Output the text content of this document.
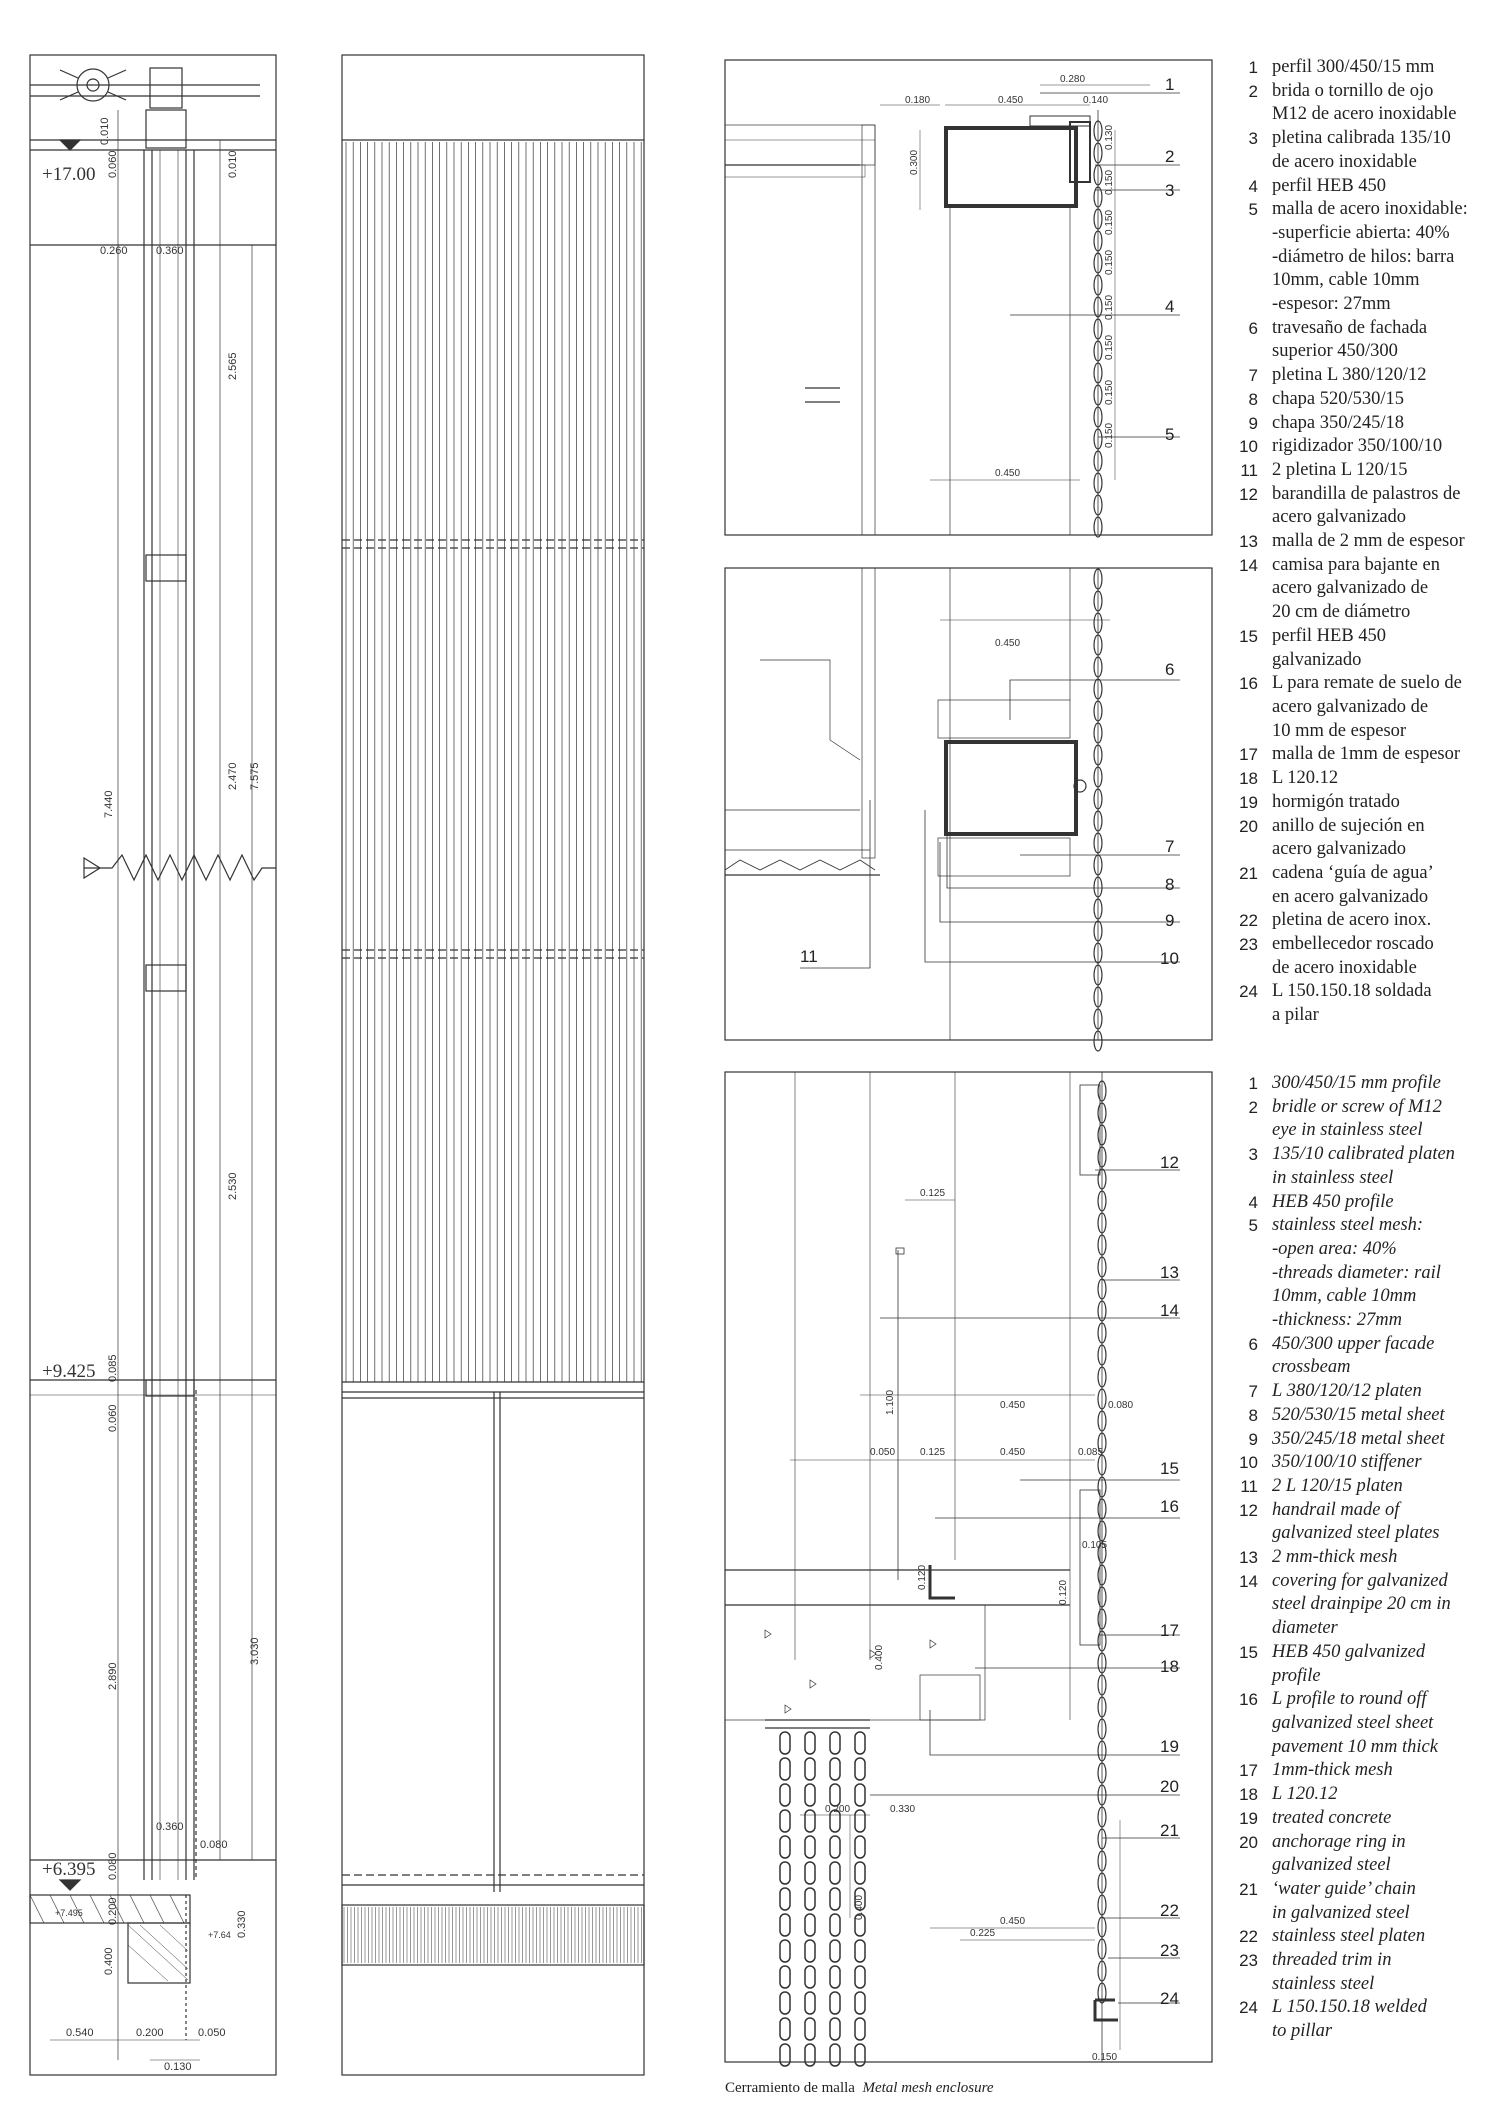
+17.00
+9.425
+6.395
0.010
0.060	0.010
0.260	0.360
2.565
7.440
2.470 7.575
2.530
0.085
0.060
2.890
3.030
0.360
0.080
0.080
0.200
0.400
0.330
0.540	0.200	0.050
0.130
+7.495
+7.64
1
2
3
4
5
6
7
8
9
10
11
12
13
14
15
16
17
18
19
20
21
22
23
24
0.280
0.180	0.450	0.140
0.300
0.130
0.150
0.150
0.150
0.150
0.150
0.150
0.150
0.450
0.450
0.125
1.100	0.450	0.080
0.050 0.125	0.450	0.085
0.120
0.400
0.105
0.120
0.200	0.330
0.450
0.225
0.400
0.150
1 perfil 300/450/15 mm
2 brida o tornillo de ojo
M12 de acero inoxidable
3 pletina calibrada 135/10
de acero inoxidable
4 perfil HEB 450
5 malla de acero inoxidable:
-superficie abierta: 40%
-diámetro de hilos: barra
10mm, cable 10mm
-espesor: 27mm
6 travesaño de fachada
superior 450/300
7 pletina L 380/120/12
8 chapa 520/530/15
9 chapa 350/245/18
10 rigidizador 350/100/10
11 2 pletina L 120/15
12 barandilla de palastros de
acero galvanizado
13 malla de 2 mm de espesor
14 camisa para bajante en
acero galvanizado de
20 cm de diámetro
15 perfil HEB 450
galvanizado
16 L para remate de suelo de
acero galvanizado de
10 mm de espesor
17 malla de 1mm de espesor
18 L 120.12
19 hormigón tratado
20 anillo de sujeción en
acero galvanizado
21 cadena ‘guía de agua’
en acero galvanizado
22 pletina de acero inox.
23 embellecedor roscado
de acero inoxidable
24 L 150.150.18 soldada
a pilar
1 300/450/15 mm profile
2 bridle or screw of M12
eye in stainless steel
3 135/10 calibrated platen
in stainless steel
4 HEB 450 profile
5 stainless steel mesh:
-open area: 40%
-threads diameter: rail
10mm, cable 10mm
-thickness: 27mm
6 450/300 upper facade
crossbeam
7 L 380/120/12 platen
8 520/530/15 metal sheet
9 350/245/18 metal sheet
10 350/100/10 stiffener
11 2 L 120/15 platen
12 handrail made of
galvanized steel plates
13 2 mm-thick mesh
14 covering for galvanized
steel drainpipe 20 cm in
diameter
15 HEB 450 galvanized
profile
16 L profile to round off
galvanized steel sheet
pavement 10 mm thick
17 1mm-thick mesh
18 L 120.12
19 treated concrete
20 anchorage ring in
galvanized steel
21 ‘water guide’ chain
in galvanized steel
22 stainless steel platen
23 threaded trim in
stainless steel
24 L 150.150.18 welded
to pillar
Cerramiento de malla Metal mesh enclosure
